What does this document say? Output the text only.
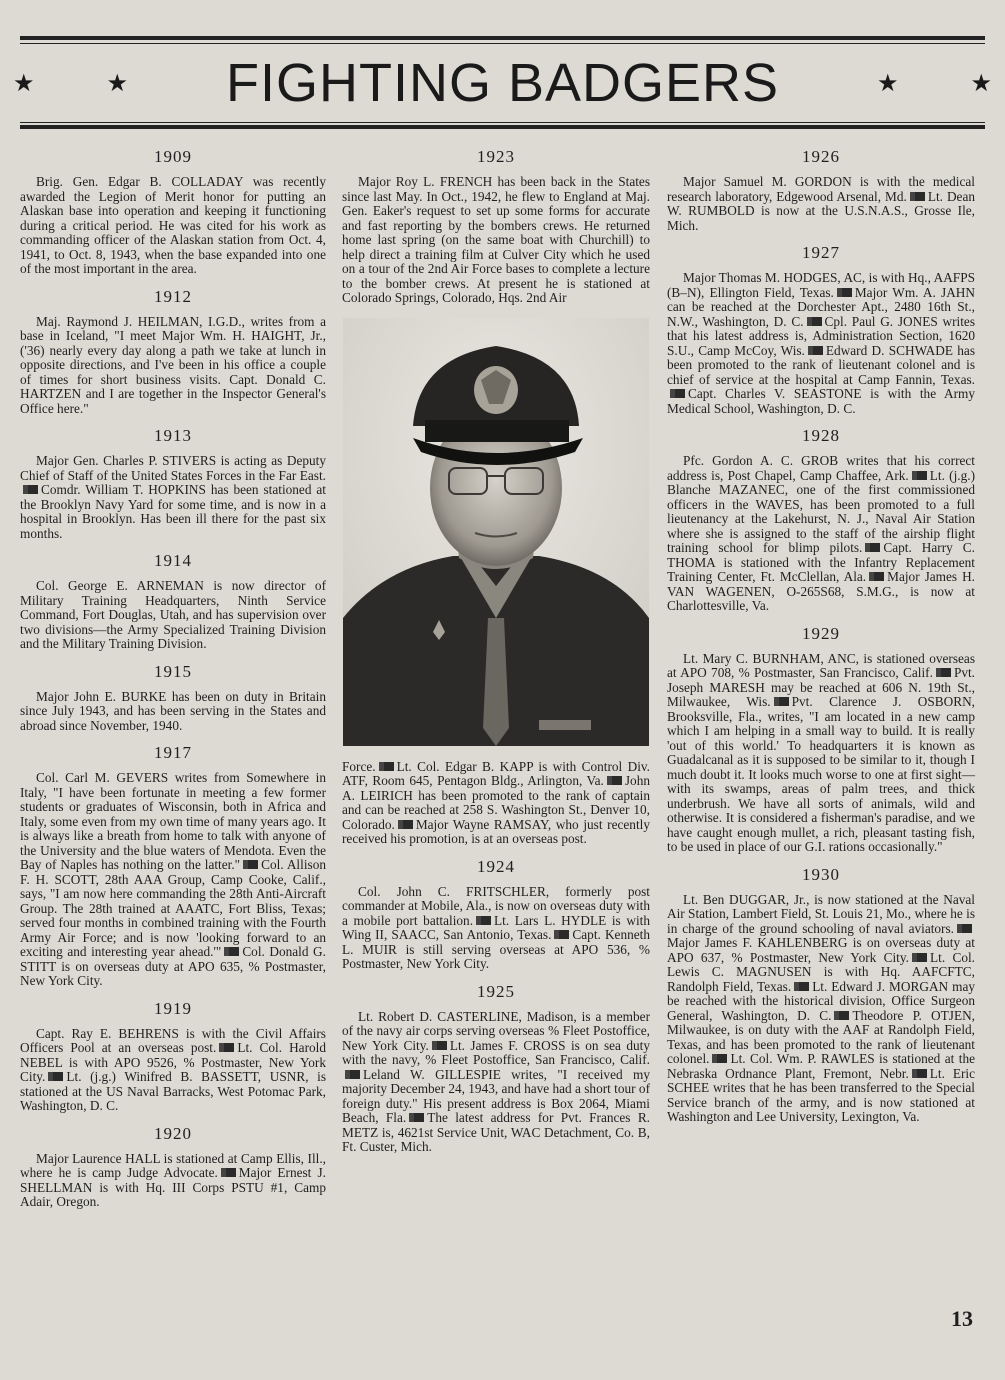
★	★ FIGHTING BADGERS	★	★
1909

Brig. Gen. Edgar B. COLLADAY was recently awarded the Legion of Merit honor for putting an Alaskan base into operation and keeping it functioning during a critical period. He was cited for his work as commanding officer of the Alaskan station from Oct. 4, 1941, to Oct. 8, 1943, when the base expanded into one of the most important in the area.

1912

Maj. Raymond J. HEILMAN, I.G.D., writes from a base in Iceland, "I meet Major Wm. H. HAIGHT, Jr., ('36) nearly every day along a path we take at lunch in opposite directions, and I've been in his office a couple of times for short business visits. Capt. Donald C. HARTZEN and I are together in the Inspector General's Office here."

1913

Major Gen. Charles P. STIVERS is acting as Deputy Chief of Staff of the United States Forces in the Far East.Comdr. William T. HOPKINS has been stationed at the Brooklyn Navy Yard for some time, and is now in a hospital in Brooklyn. Has been ill there for the past six months.

1914

Col. George E. ARNEMAN is now director of Military Training Headquarters, Ninth Service Command, Fort Douglas, Utah, and has supervision over two divisions—the Army Specialized Training Division and the Military Training Division.

1915

Major John E. BURKE has been on duty in Britain since July 1943, and has been serving in the States and abroad since November, 1940.

1917

Col. Carl M. GEVERS writes from Somewhere in Italy, "I have been fortunate in meeting a few former students or graduates of Wisconsin, both in Africa and Italy, some even from my own time of many years ago. It is always like a breath from home to talk with anyone of the University and the blue waters of Mendota. Even the Bay of Naples has nothing on the latter." Col. Allison F. H. SCOTT, 28th AAA Group, Camp Cooke, Calif., says, "I am now here commanding the 28th Anti-Aircraft Group. The 28th trained at AAATC, Fort Bliss, Texas; served four months in combined training with the Fourth Army Air Force; and is now 'looking forward to an exciting and interesting year ahead.'" Col. Donald G. STITT is on overseas duty at APO 635, % Postmaster, New York City.

1919

Capt. Ray E. BEHRENS is with the Civil Affairs Officers Pool at an overseas post. Lt. Col. Harold NEBEL is with APO 9526, % Postmaster, New York City. Lt. (j.g.) Winifred B. BASSETT, USNR, is stationed at the US Naval Barracks, West Potomac Park, Washington, D. C.

1920

Major Laurence HALL is stationed at Camp Ellis, Ill., where he is camp Judge Advocate. Major Ernest J. SHELLMAN is with Hq. III Corps PSTU #1, Camp Adair, Oregon.

1923

Major Roy L. FRENCH has been back in the States since last May. In Oct., 1942, he flew to England at Maj. Gen. Eaker's request to set up some forms for accurate and fast reporting by the bombers crews. He returned home last spring (on the same boat with Churchill) to help direct a training film at Culver City which he used on a tour of the 2nd Air Force bases to complete a lecture to the bomber crews. At present he is stationed at Colorado Springs, Colorado, Hqs. 2nd Air

Force. Lt. Col. Edgar B. KAPP is with Control Div. ATF, Room 645, Pentagon Bldg., Arlington, Va. John A. LEIRICH has been promoted to the rank of captain and can be reached at 258 S. Washington St., Denver 10, Colorado. Major Wayne RAMSAY, who just recently received his promotion, is at an overseas post.

1924

Col. John C. FRITSCHLER, formerly post commander at Mobile, Ala., is now on overseas duty with a mobile port battalion. Lt. Lars L. HYDLE is with Wing II, SAACC, San Antonio, Texas. Capt. Kenneth L. MUIR is still serving overseas at APO 536, % Postmaster, New York City.

1925

Lt. Robert D. CASTERLINE, Madison, is a member of the navy air corps serving overseas % Fleet Postoffice, New York City. Lt. James F. CROSS is on sea duty with the navy, % Fleet Postoffice, San Francisco, Calif.Leland W. GILLESPIE writes, "I received my majority December 24, 1943, and have had a short tour of foreign duty." His present address is Box 2064, Miami Beach, Fla. The latest address for Pvt. Frances R. METZ is, 4621st Service Unit, WAC Detachment, Co. B, Ft. Custer, Mich.

1926

Major Samuel M. GORDON is with the medical research laboratory, Edgewood Arsenal, Md. Lt. Dean W. RUMBOLD is now at the U.S.N.A.S., Grosse Ile, Mich.

1927

Major Thomas M. HODGES, AC, is with Hq., AAFPS (B–N), Ellington Field, Texas. Major Wm. A. JAHN can be reached at the Dorchester Apt., 2480 16th St., N.W., Washington, D. C. Cpl. Paul G. JONES writes that his latest address is, Administration Section, 1620 S.U., Camp McCoy, Wis. Edward D. SCHWADE has been promoted to the rank of lieutenant colonel and is chief of service at the hospital at Camp Fannin, Texas.Capt. Charles V. SEASTONE is with the Army Medical School, Washington, D. C.

1928

Pfc. Gordon A. C. GROB writes that his correct address is, Post Chapel, Camp Chaffee, Ark. Lt. (j.g.) Blanche MAZANEC, one of the first commissioned officers in the WAVES, has been promoted to a full lieutenancy at the Lakehurst, N. J., Naval Air Station where she is assigned to the staff of the airship flight training school for blimp pilots. Capt. Harry C. THOMA is stationed with the Infantry Replacement Training Center, Ft. McClellan, Ala. Major James H. VAN WAGENEN, O-265S68, S.M.G., is now at Charlottesville, Va.

1929

Lt. Mary C. BURNHAM, ANC, is stationed overseas at APO 708, % Postmaster, San Francisco, Calif. Pvt. Joseph MARESH may be reached at 606 N. 19th St., Milwaukee, Wis. Pvt. Clarence J. OSBORN, Brooksville, Fla., writes, "I am located in a new camp which I am helping in a small way to build. It is really 'out of this world.' To headquarters it is known as Guadalcanal as it is supposed to be similar to it, though I much doubt it. It looks much worse to one at first sight—with its swamps, areas of palm trees, and thick underbrush. We have all sorts of animals, wild and otherwise. It is considered a fisherman's paradise, and we have caught enough mullet, a rich, pleasant tasting fish, to be used in place of our G.I. rations occasionally."

1930

Lt. Ben DUGGAR, Jr., is now stationed at the Naval Air Station, Lambert Field, St. Louis 21, Mo., where he is in charge of the ground schooling of naval aviators.Major James F. KAHLENBERG is on overseas duty at APO 637, % Postmaster, New York City. Lt. Col. Lewis C. MAGNUSEN is with Hq. AAFCFTC, Randolph Field, Texas. Lt. Edward J. MORGAN may be reached with the historical division, Office Surgeon General, Washington, D. C. Theodore P. OTJEN, Milwaukee, is on duty with the AAF at Randolph Field, Texas, and has been promoted to the rank of lieutenant colonel. Lt. Col. Wm. P. RAWLES is stationed at the Nebraska Ordnance Plant, Fremont, Nebr. Lt. Eric SCHEE writes that he has been transferred to the Special Service branch of the army, and is now stationed at Washington and Lee University, Lexington, Va.

13
